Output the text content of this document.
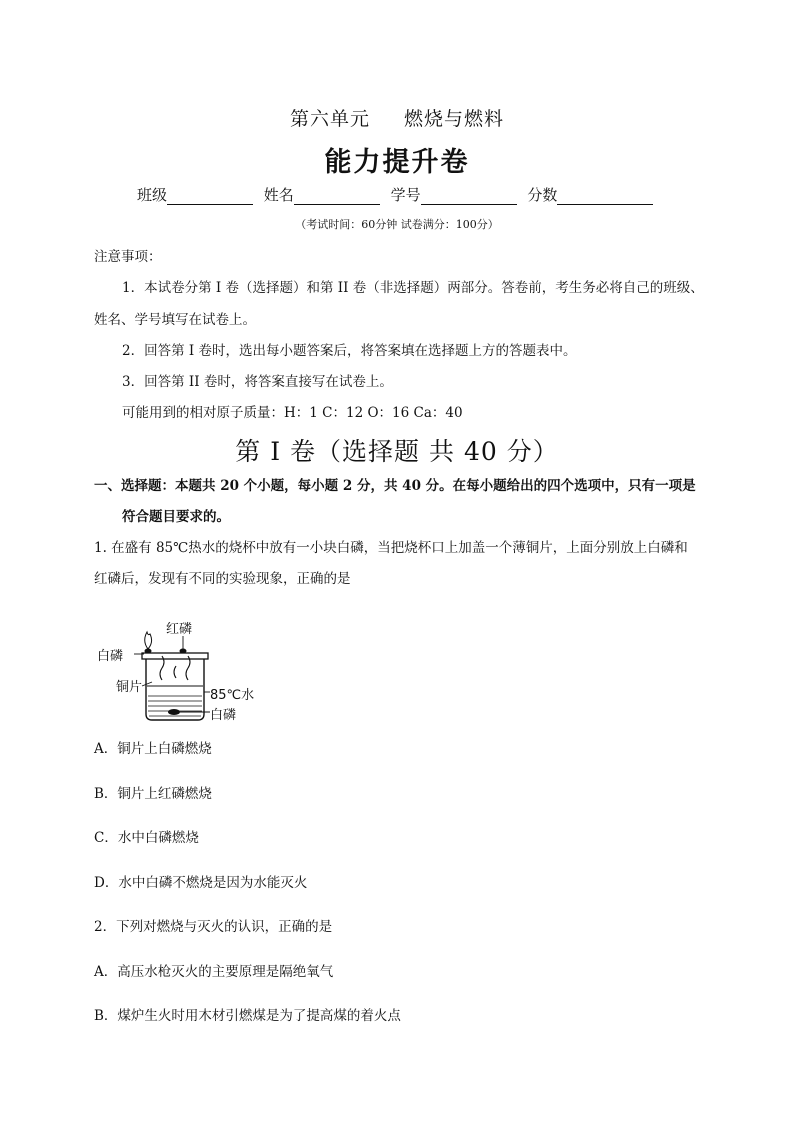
第六单元 燃烧与燃料
能力提升卷
班级	姓名	学号	分数
（考试时间：60分钟 试卷满分：100分）
注意事项：
1．本试卷分第 I 卷（选择题）和第 II 卷（非选择题）两部分。答卷前，考生务必将自己的班级、
姓名、学号填写在试卷上。
2．回答第 I 卷时，选出每小题答案后，将答案填在选择题上方的答题表中。
3．回答第 II 卷时，将答案直接写在试卷上。
可能用到的相对原子质量：H：1 C：12 O：16 Ca：40
第 I 卷（选择题 共 40 分）
一、选择题：本题共 20 个小题，每小题 2 分，共 40 分。在每小题给出的四个选项中，只有一项是
符合题目要求的。
1. 在盛有 85℃热水的烧杯中放有一小块白磷，当把烧杯口上加盖一个薄铜片，上面分别放上白磷和
红磷后，发现有不同的实验现象，正确的是
红磷
白磷
铜片
85℃水
白磷
A．铜片上白磷燃烧
B．铜片上红磷燃烧
C．水中白磷燃烧
D．水中白磷不燃烧是因为水能灭火
2．下列对燃烧与灭火的认识，正确的是
A．高压水枪灭火的主要原理是隔绝氧气
B．煤炉生火时用木材引燃煤是为了提高煤的着火点
